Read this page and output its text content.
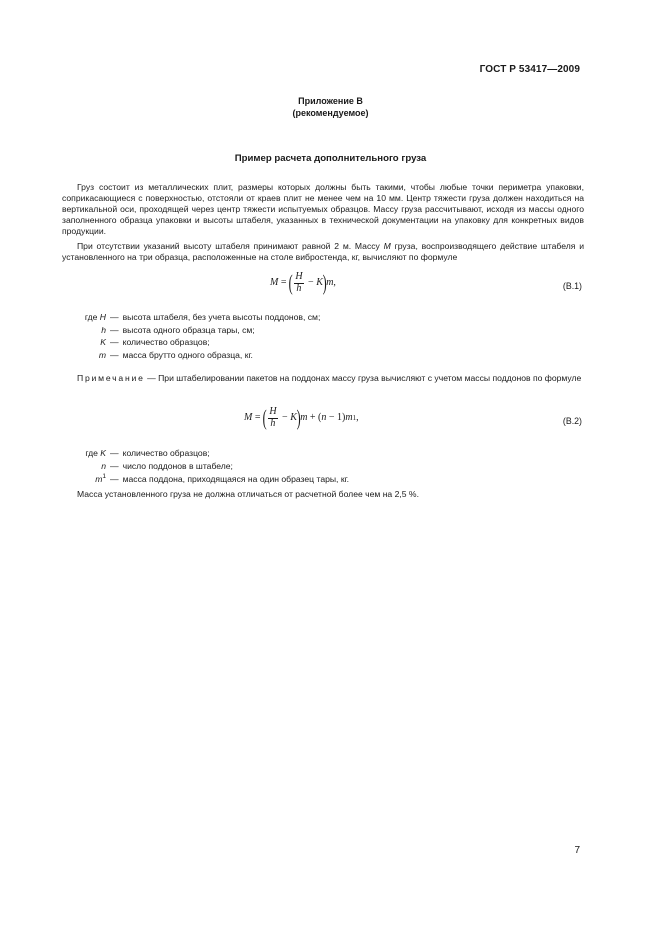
ГОСТ Р 53417—2009
Приложение В
(рекомендуемое)
Пример расчета дополнительного груза
Груз состоит из металлических плит, размеры которых должны быть такими, чтобы любые точки периметра упаковки, соприкасающиеся с поверхностью, отстояли от краев плит не менее чем на 10 мм. Центр тяжести груза должен находиться на вертикальной оси, проходящей через центр тяжести испытуемых образцов. Массу груза рассчитывают, исходя из массы одного заполненного образца упаковки и высоты штабеля, указанных в технической документации на упаковку для конкретных видов продукции.
При отсутствии указаний высоту штабеля принимают равной 2 м. Массу M груза, воспроизводящего действие штабеля и установленного на три образца, расположенные на столе вибростенда, кг, вычисляют по формуле
M = ( $\frac{H}{h} - K$ ) m ,	(В.1)
где H — высота штабеля, без учета высоты поддонов, см;
h — высота одного образца тары, см;
K — количество образцов;
m — масса брутто одного образца, кг.
Примечание — При штабелировании пакетов на поддонах массу груза вычисляют с учетом массы поддонов по формуле
M = ( $\frac{H}{h} - K$ ) m + ( n − 1) m 1 ,	(В.2)
где K — количество образцов;
n — число поддонов в штабеле;
$m^1$ — масса поддона, приходящаяся на один образец тары, кг.
Масса установленного груза не должна отличаться от расчетной более чем на 2,5 %.
7
